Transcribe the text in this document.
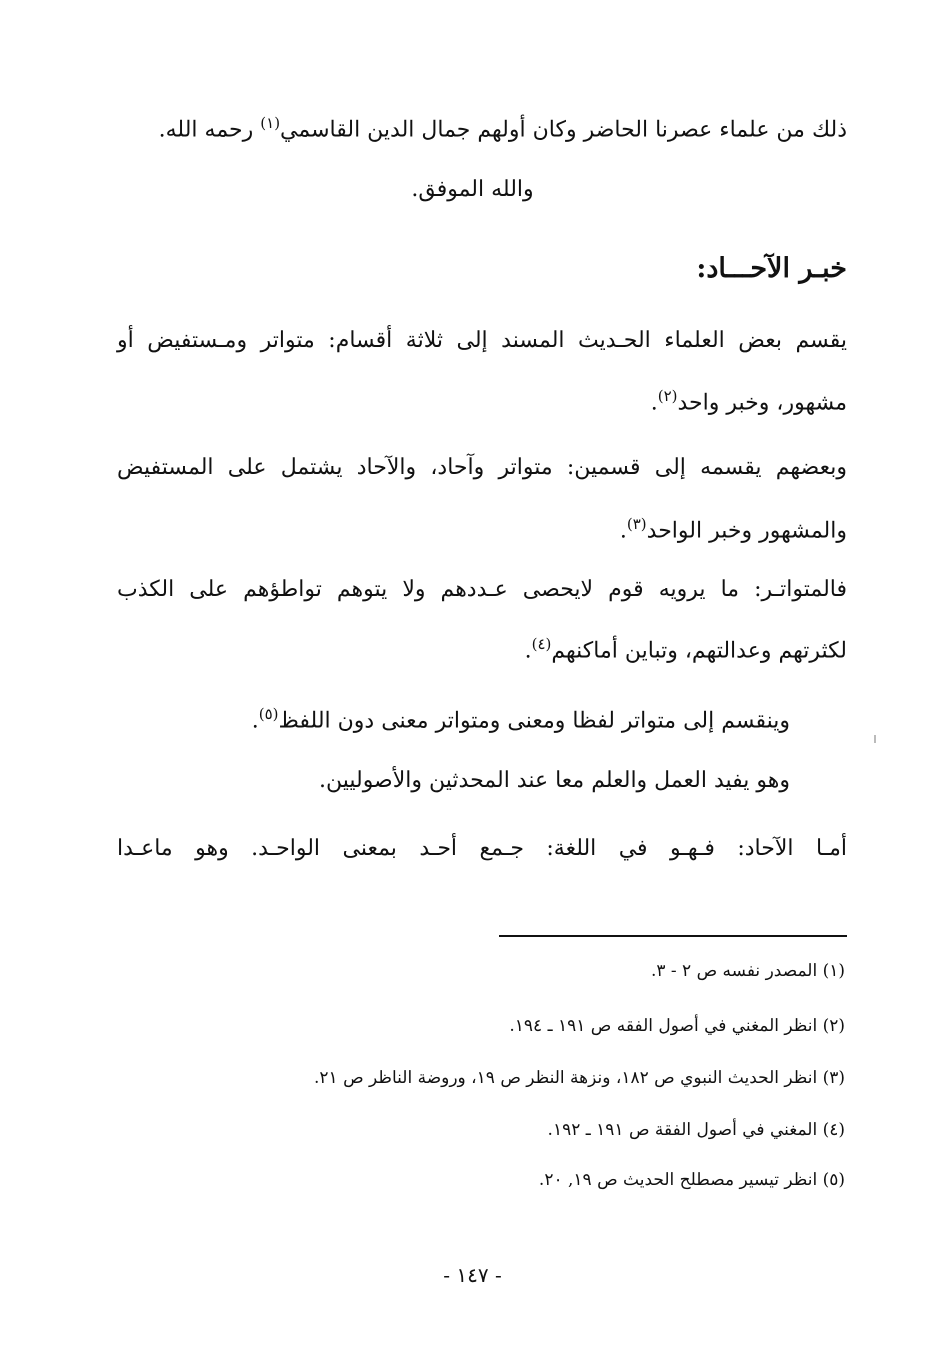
ذلك من علماء عصرنا الحاضر وكان أولهم جمال الدين القاسمي$^{(١)}$ رحمه الله.
والله الموفق.
خبـر الآحـــاد:
يقسم بعض العلماء الحـديث المسند إلى ثلاثة أقسام: متواتر ومـستفيض أو
مشهور، وخبر واحد$^{(٢)}$.
وبعضهم يقسمه إلى قسمين: متواتر وآحاد، والآحاد يشتمل على المستفيض
والمشهور وخبر الواحد$^{(٣)}$.
فالمتواتـر: ما يرويه قوم لايحصى عـددهم ولا يتوهم تواطؤهم على الكذب
لكثرتهم وعدالتهم، وتباين أماكنهم$^{(٤)}$.
وينقسم إلى متواتر لفظا ومعنى ومتواتر معنى دون اللفظ$^{(٥)}$.
وهو يفيد العمل والعلم معا عند المحدثين والأصوليين.
أمـا الآحاد: فـهـو في اللغة: جـمع أحـد بمعنى الواحـد. وهو ماعـدا
(١) المصدر نفسه ص ٢ - ٣.
(٢) انظر المغني في أصول الفقه ص ١٩١ ـ ١٩٤.
(٣) انظر الحديث النبوي ص ١٨٢، ونزهة النظر ص ١٩، وروضة الناظر ص ٢١.
(٤) المغني في أصول الفقة ص ١٩١ ـ ١٩٢.
(٥) انظر تيسير مصطلح الحديث ص ١٩, ٢٠.
- ١٤٧ -
